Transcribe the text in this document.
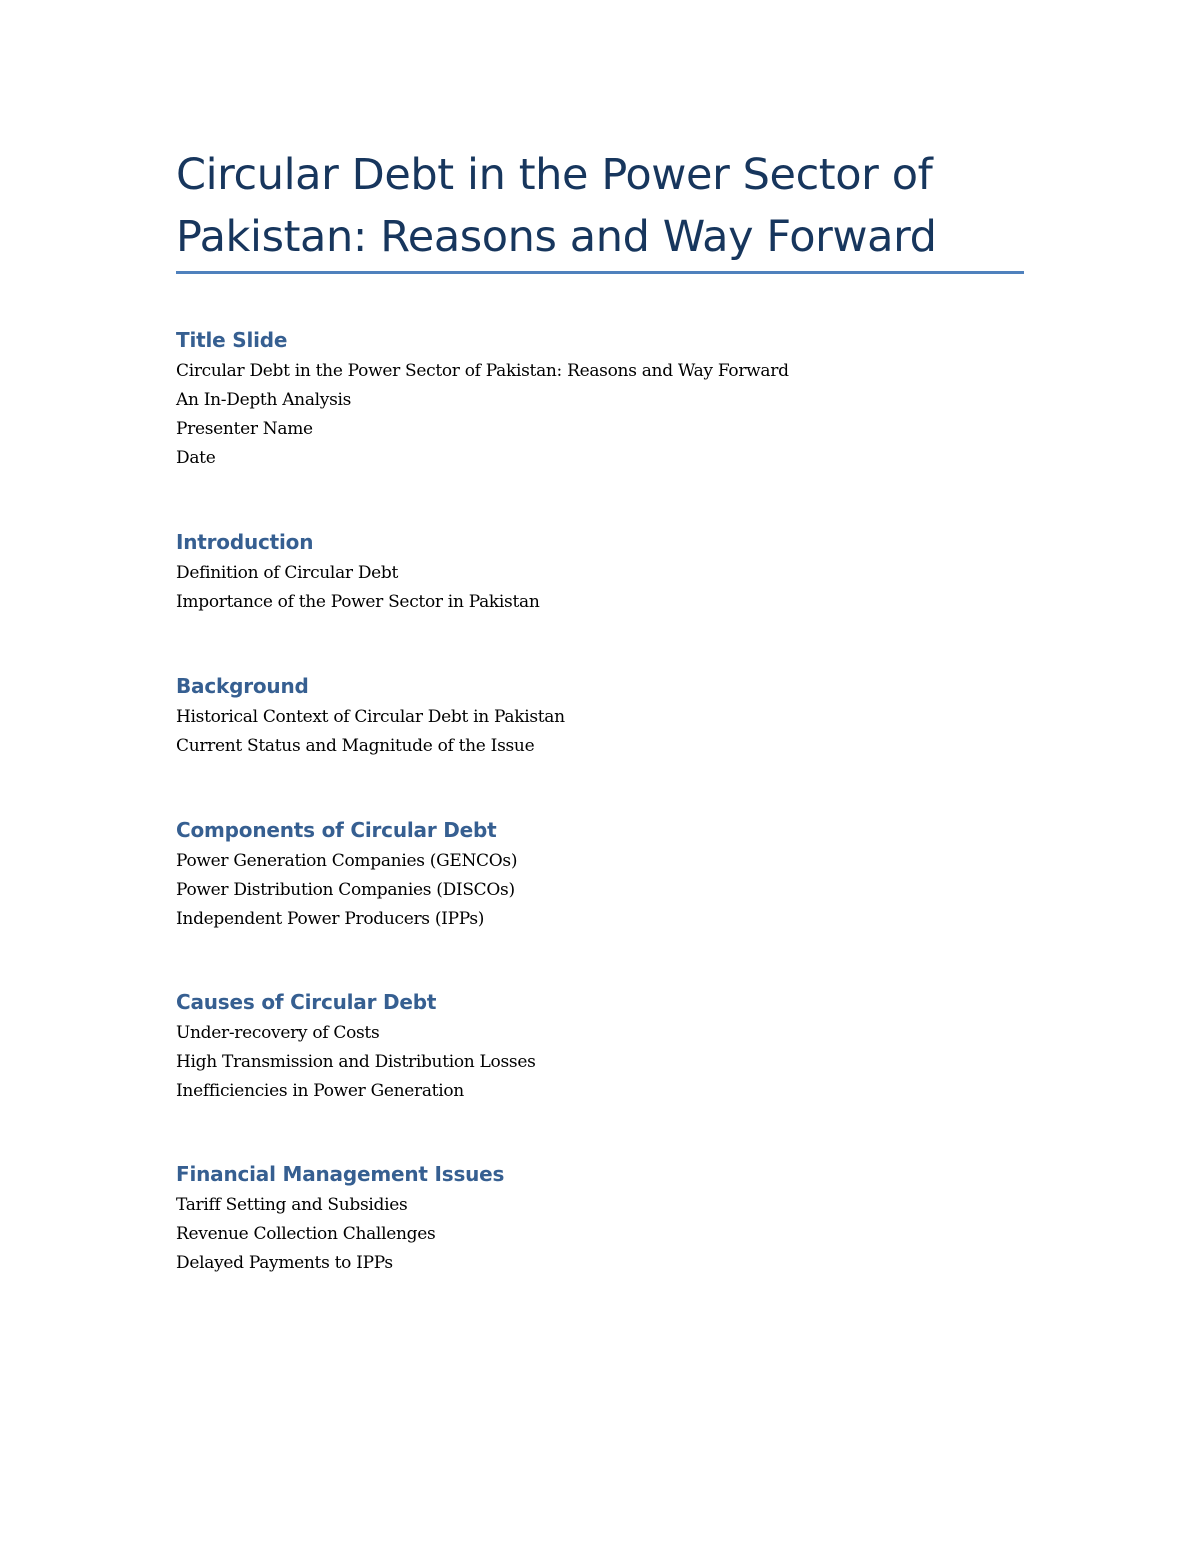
Circular Debt in the Power Sector of Pakistan: Reasons and Way Forward
Title Slide
Circular Debt in the Power Sector of Pakistan: Reasons and Way Forward
An In-Depth Analysis
Presenter Name
Date
Introduction
Definition of Circular Debt
Importance of the Power Sector in Pakistan
Background
Historical Context of Circular Debt in Pakistan
Current Status and Magnitude of the Issue
Components of Circular Debt
Power Generation Companies (GENCOs)
Power Distribution Companies (DISCOs)
Independent Power Producers (IPPs)
Causes of Circular Debt
Under-recovery of Costs
High Transmission and Distribution Losses
Inefficiencies in Power Generation
Financial Management Issues
Tariff Setting and Subsidies
Revenue Collection Challenges
Delayed Payments to IPPs
